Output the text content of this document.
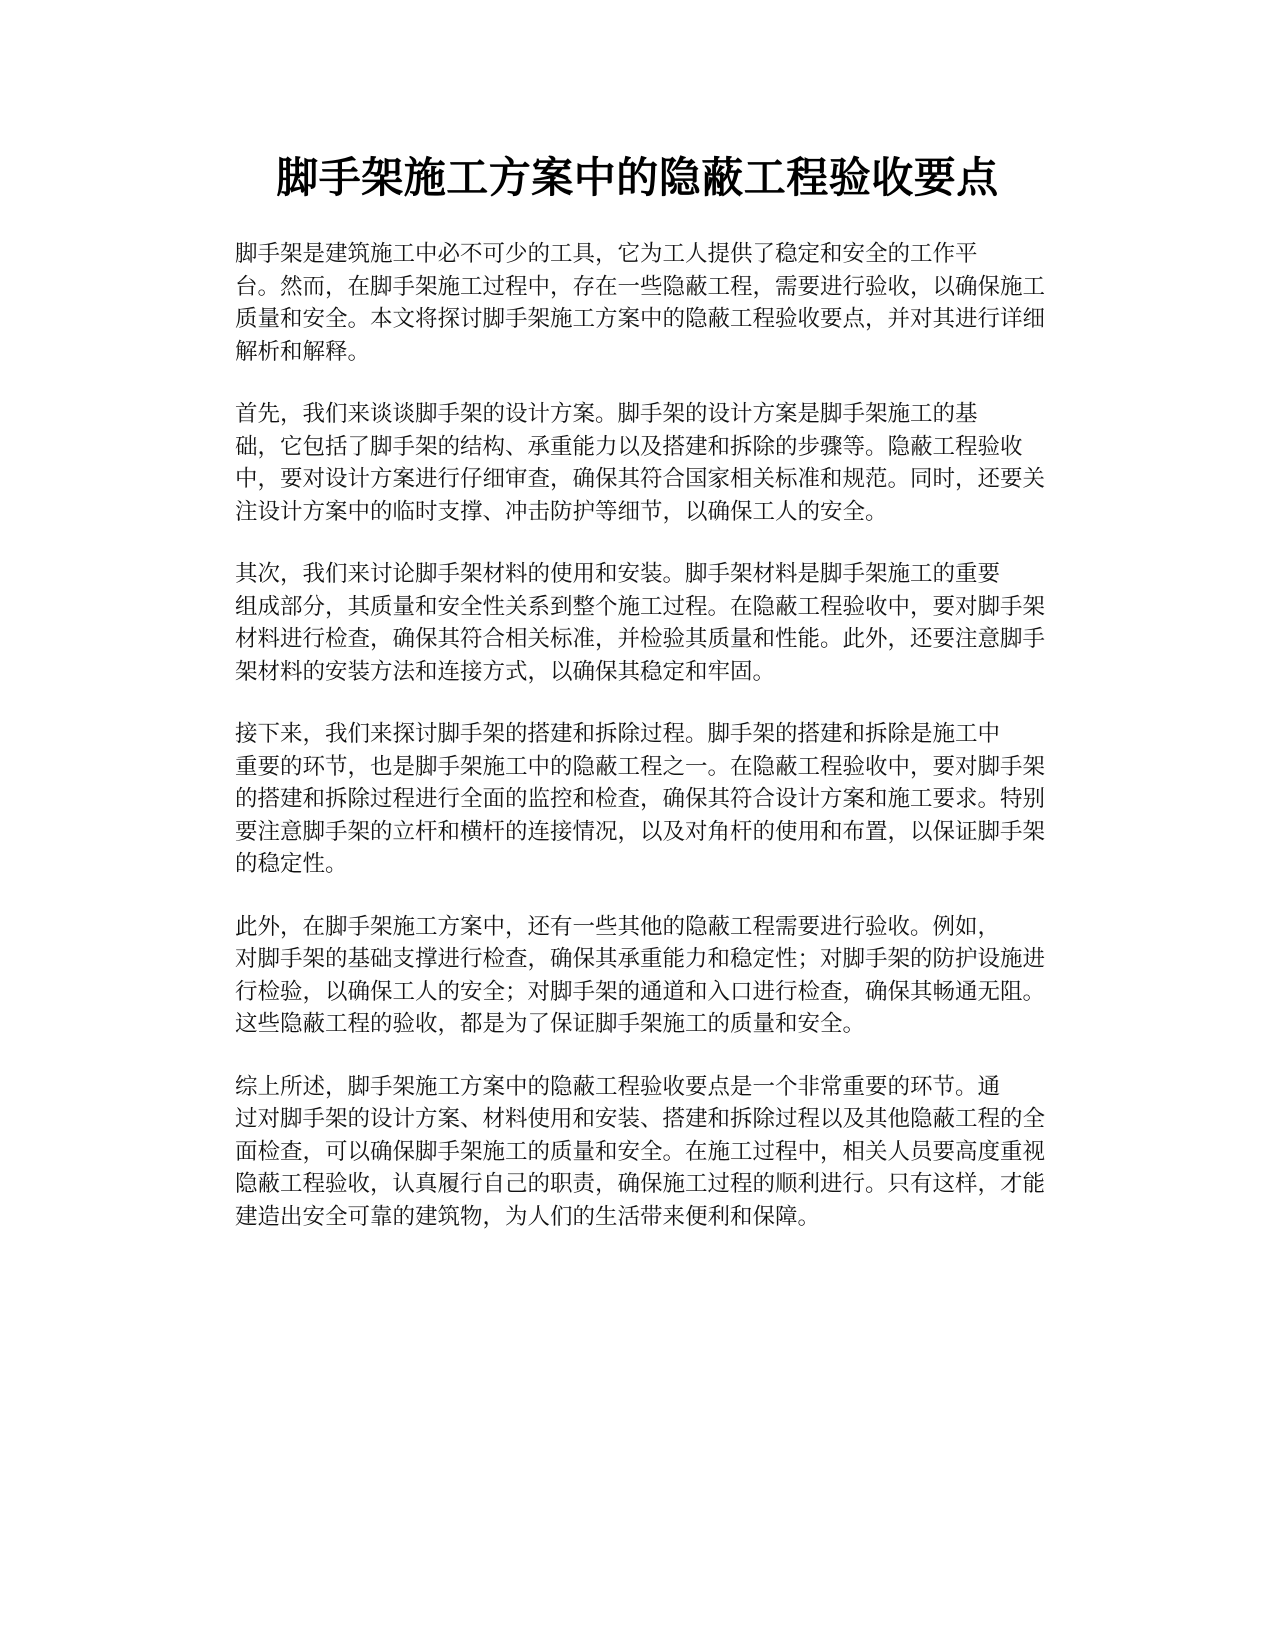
脚手架施工方案中的隐蔽工程验收要点

脚手架是建筑施工中必不可少的工具，它为工人提供了稳定和安全的工作平
台。然而，在脚手架施工过程中，存在一些隐蔽工程，需要进行验收，以确保施工
质量和安全。本文将探讨脚手架施工方案中的隐蔽工程验收要点，并对其进行详细
解析和解释。

首先，我们来谈谈脚手架的设计方案。脚手架的设计方案是脚手架施工的基
础，它包括了脚手架的结构、承重能力以及搭建和拆除的步骤等。隐蔽工程验收
中，要对设计方案进行仔细审查，确保其符合国家相关标准和规范。同时，还要关
注设计方案中的临时支撑、冲击防护等细节，以确保工人的安全。

其次，我们来讨论脚手架材料的使用和安装。脚手架材料是脚手架施工的重要
组成部分，其质量和安全性关系到整个施工过程。在隐蔽工程验收中，要对脚手架
材料进行检查，确保其符合相关标准，并检验其质量和性能。此外，还要注意脚手
架材料的安装方法和连接方式，以确保其稳定和牢固。

接下来，我们来探讨脚手架的搭建和拆除过程。脚手架的搭建和拆除是施工中
重要的环节，也是脚手架施工中的隐蔽工程之一。在隐蔽工程验收中，要对脚手架
的搭建和拆除过程进行全面的监控和检查，确保其符合设计方案和施工要求。特别
要注意脚手架的立杆和横杆的连接情况，以及对角杆的使用和布置，以保证脚手架
的稳定性。

此外，在脚手架施工方案中，还有一些其他的隐蔽工程需要进行验收。例如，
对脚手架的基础支撑进行检查，确保其承重能力和稳定性；对脚手架的防护设施进
行检验，以确保工人的安全；对脚手架的通道和入口进行检查，确保其畅通无阻。
这些隐蔽工程的验收，都是为了保证脚手架施工的质量和安全。

综上所述，脚手架施工方案中的隐蔽工程验收要点是一个非常重要的环节。通
过对脚手架的设计方案、材料使用和安装、搭建和拆除过程以及其他隐蔽工程的全
面检查，可以确保脚手架施工的质量和安全。在施工过程中，相关人员要高度重视
隐蔽工程验收，认真履行自己的职责，确保施工过程的顺利进行。只有这样，才能
建造出安全可靠的建筑物，为人们的生活带来便利和保障。
